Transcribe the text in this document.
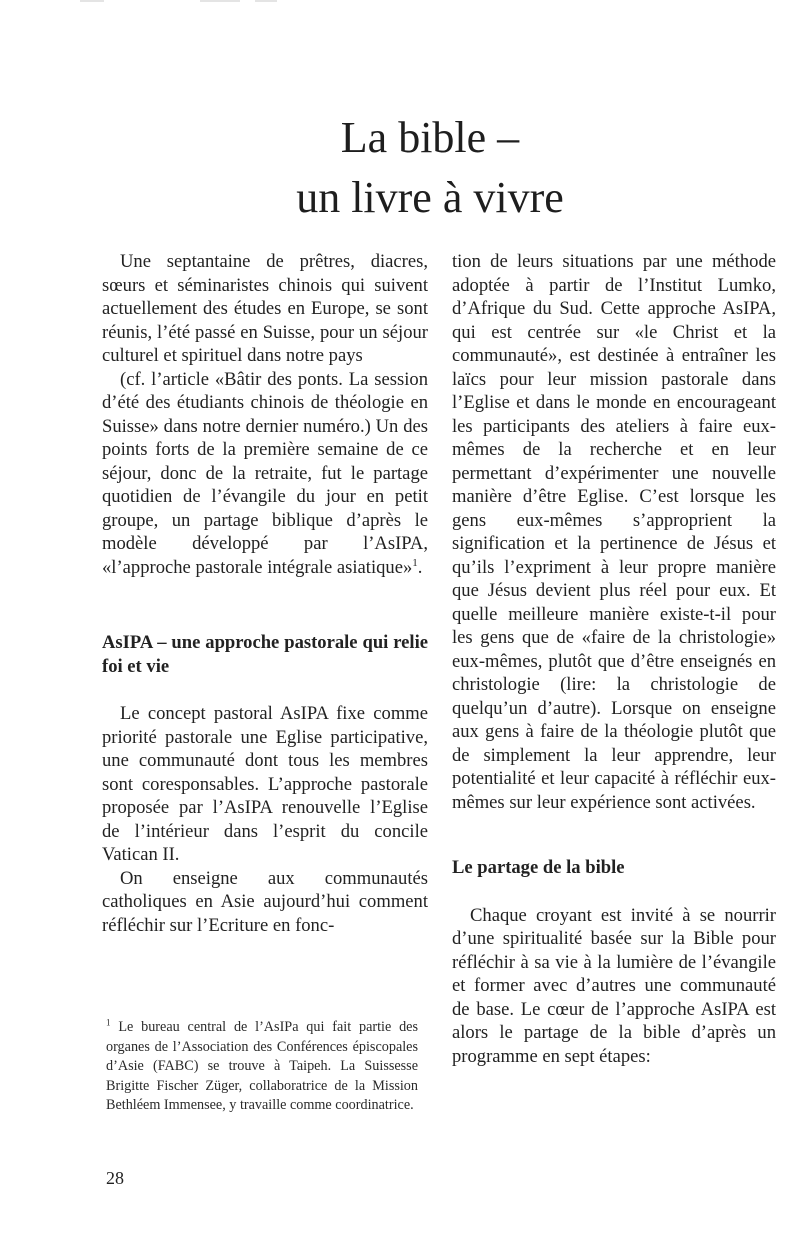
La bible –
un livre à vivre

Une septantaine de prêtres, diacres, sœurs et séminaristes chinois qui suivent actuellement des études en Europe, se sont réunis, l’été passé en Suisse, pour un séjour culturel et spirituel dans notre pays

(cf. l’article «Bâtir des ponts. La session d’été des étudiants chinois de théologie en Suisse» dans notre dernier numéro.) Un des points forts de la première semaine de ce séjour, donc de la retraite, fut le partage quotidien de l’évangile du jour en petit groupe, un partage biblique d’après le modèle développé par l’AsIPA, «l’approche pastorale intégrale asiatique»$^1$.

AsIPA – une approche pastorale qui relie foi et vie

Le concept pastoral AsIPA fixe comme priorité pastorale une Eglise participative, une communauté dont tous les membres sont coresponsables. L’approche pastorale proposée par l’AsIPA renouvelle l’Eglise de l’intérieur dans l’esprit du concile Vatican II.

On enseigne aux communautés catholiques en Asie aujourd’hui comment réfléchir sur l’Ecriture en fonc-

tion de leurs situations par une méthode adoptée à partir de l’Institut Lumko, d’Afrique du Sud. Cette approche AsIPA, qui est centrée sur «le Christ et la communauté», est destinée à entraîner les laïcs pour leur mission pastorale dans l’Eglise et dans le monde en encourageant les participants des ateliers à faire eux-mêmes de la recherche et en leur permettant d’expérimenter une nouvelle manière d’être Eglise. C’est lorsque les gens eux-mêmes s’approprient la signification et la pertinence de Jésus et qu’ils l’expriment à leur propre manière que Jésus devient plus réel pour eux. Et quelle meilleure manière existe-t-il pour les gens que de «faire de la christologie» eux-mêmes, plutôt que d’être enseignés en christologie (lire: la christologie de quelqu’un d’autre). Lorsque on enseigne aux gens à faire de la théologie plutôt que de simplement la leur apprendre, leur potentialité et leur capacité à réfléchir eux-mêmes sur leur expérience sont activées.

Le partage de la bible

Chaque croyant est invité à se nourrir d’une spiritualité basée sur la Bible pour réfléchir à sa vie à la lumière de l’évangile et former avec d’autres une communauté de base. Le cœur de l’approche AsIPA est alors le partage de la bible d’après un programme en sept étapes:

$^1$ Le bureau central de l’AsIPa qui fait partie des organes de l’Association des Conférences épiscopales d’Asie (FABC) se trouve à Taipeh. La Suissesse Brigitte Fischer Züger, collaboratrice de la Mission Bethléem Immensee, y travaille comme coordinatrice.
28
